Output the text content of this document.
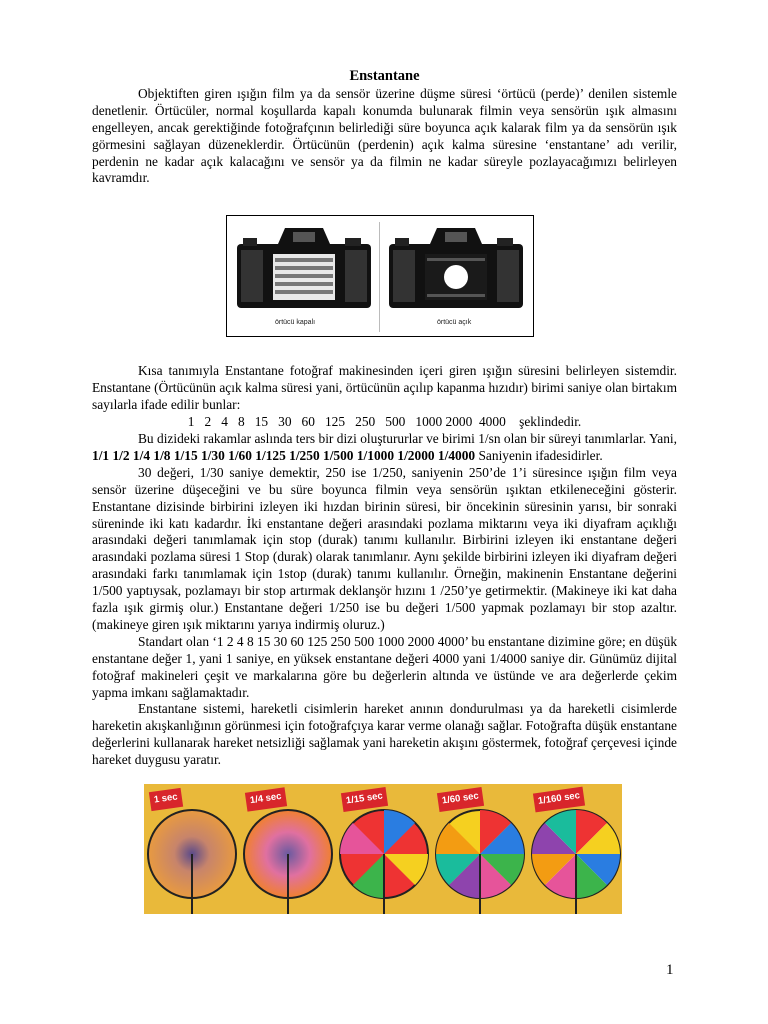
Enstantane

Objektiften giren ışığın film ya da sensör üzerine düşme süresi ‘örtücü (perde)’ denilen sistemle denetlenir. Örtücüler, normal koşullarda kapalı konumda bulunarak filmin veya sensörün ışık almasını engelleyen, ancak gerektiğinde fotoğrafçının belirlediği süre boyunca açık kalarak film ya da sensörün ışık görmesini sağlayan düzeneklerdir. Örtücünün (perdenin) açık kalma süresine ‘enstantane’ adı verilir, perdenin ne kadar açık kalacağını ve sensör ya da filmin ne kadar süreyle pozlayacağımızı belirleyen kavramdır.

örtücü kapalı	örtücü açık

Kısa tanımıyla Enstantane fotoğraf makinesinden içeri giren ışığın süresini belirleyen sistemdir. Enstantane (Örtücünün açık kalma süresi yani, örtücünün açılıp kapanma hızıdır) birimi saniye olan birtakım sayılarla ifade edilir bunlar:

1   2   4   8   15   30   60   125   250   500   1000 2000  4000    şeklindedir.

Bu dizideki rakamlar aslında ters bir dizi oluştururlar ve birimi 1/sn olan bir süreyi tanımlarlar. Yani, 1/1 1/2 1/4 1/8 1/15 1/30 1/60 1/125 1/250 1/500 1/1000 1/2000 1/4000 Saniyenin ifadesidirler.

30 değeri, 1/30 saniye demektir, 250 ise 1/250, saniyenin 250’de 1’i süresince ışığın film veya sensör üzerine düşeceğini ve bu süre boyunca filmin veya sensörün ışıktan etkileneceğini gösterir. Enstantane dizisinde birbirini izleyen iki hızdan birinin süresi, bir öncekinin süresinin yarısı, bir sonraki süreninde iki katı kadardır. İki enstantane değeri arasındaki pozlama miktarını veya iki diyafram açıklığı arasındaki değeri tanımlamak için stop (durak) tanımı kullanılır. Birbirini izleyen iki enstantane değeri arasındaki pozlama süresi 1 Stop (durak) olarak tanımlanır. Aynı şekilde birbirini izleyen iki diyafram değeri arasındaki farkı tanımlamak için 1stop (durak) tanımı kullanılır. Örneğin, makinenin Enstantane değerini 1/500 yaptıysak, pozlamayı bir stop artırmak deklanşör hızını 1 /250’ye getirmektir. (Makineye iki kat daha fazla ışık girmiş olur.) Enstantane değeri 1/250 ise bu değeri 1/500 yapmak pozlamayı bir stop azaltır. (makineye giren ışık miktarını yarıya indirmiş oluruz.)

Standart olan ‘1 2 4 8 15 30 60 125 250 500 1000 2000 4000’ bu enstantane dizimine göre; en düşük enstantane değer 1, yani 1 saniye, en yüksek enstantane değeri 4000 yani 1/4000 saniye dir. Günümüz dijital fotoğraf makineleri çeşit ve markalarına göre bu değerlerin altında ve üstünde ve ara değerlerde çekim yapma imkanı sağlamaktadır.

Enstantane sistemi, hareketli cisimlerin hareket anının dondurulması ya da hareketli cisimlerde hareketin akışkanlığının görünmesi için fotoğrafçıya karar verme olanağı sağlar. Fotoğrafta düşük enstantane değerlerini kullanarak hareket netsizliği sağlamak yani hareketin akışını göstermek, fotoğraf çerçevesi içinde hareket duygusu yaratır.

1 sec	1/4 sec	1/15 sec	1/60 sec	1/160 sec
1
